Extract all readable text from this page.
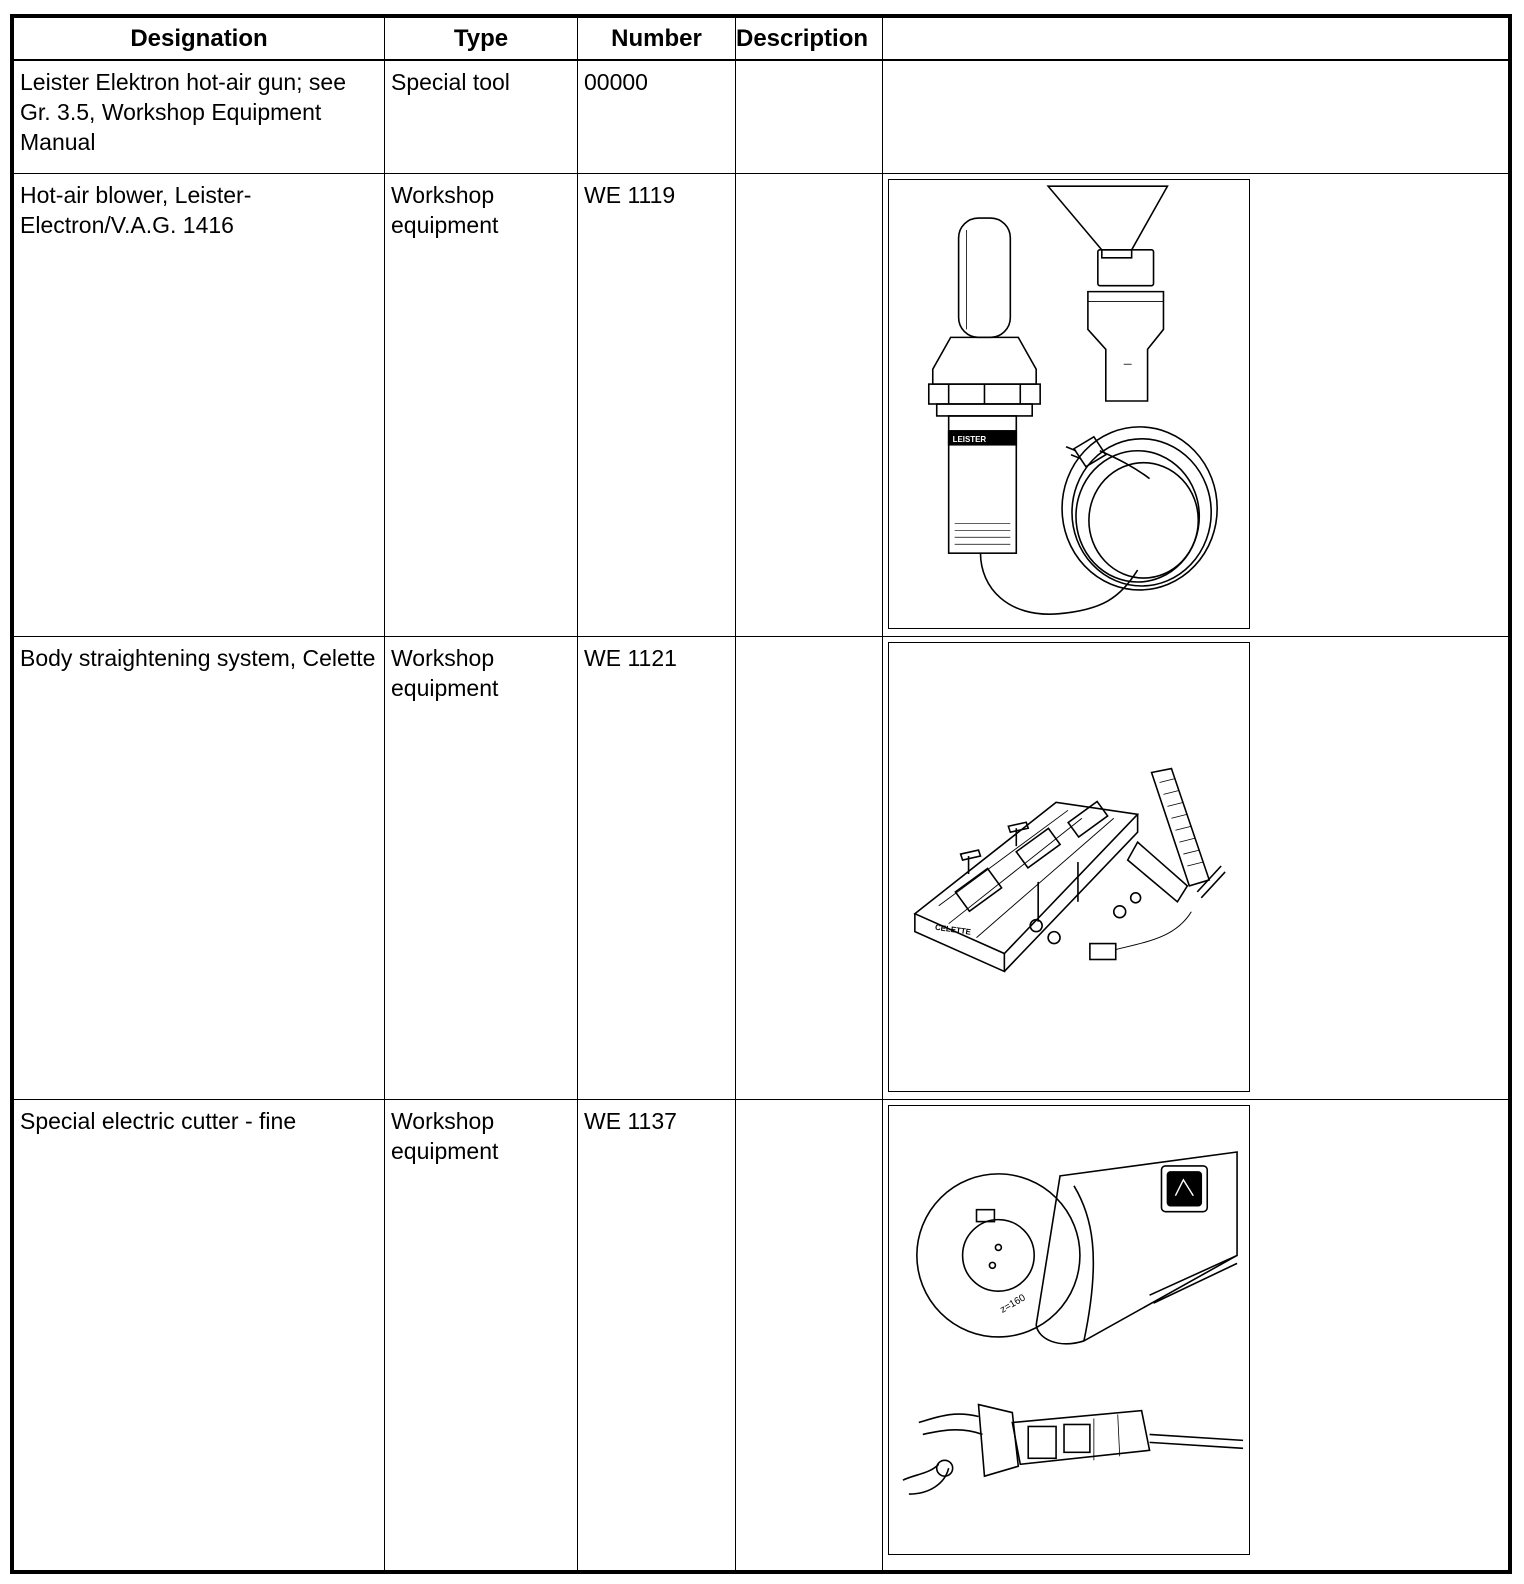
Designation	Type	Number	Description	

Leister Elektron hot-air gun; see Gr. 3.5, Workshop Equipment Manual	Special tool	00000		

Hot-air blower, Leister-Electron/V.A.G. 1416	Workshop equipment	WE 1119		LEISTER

Body straightening system, Celette	Workshop equipment	WE 1121		CELETTE

Special electric cutter - fine	Workshop equipment	WE 1137		z=160
